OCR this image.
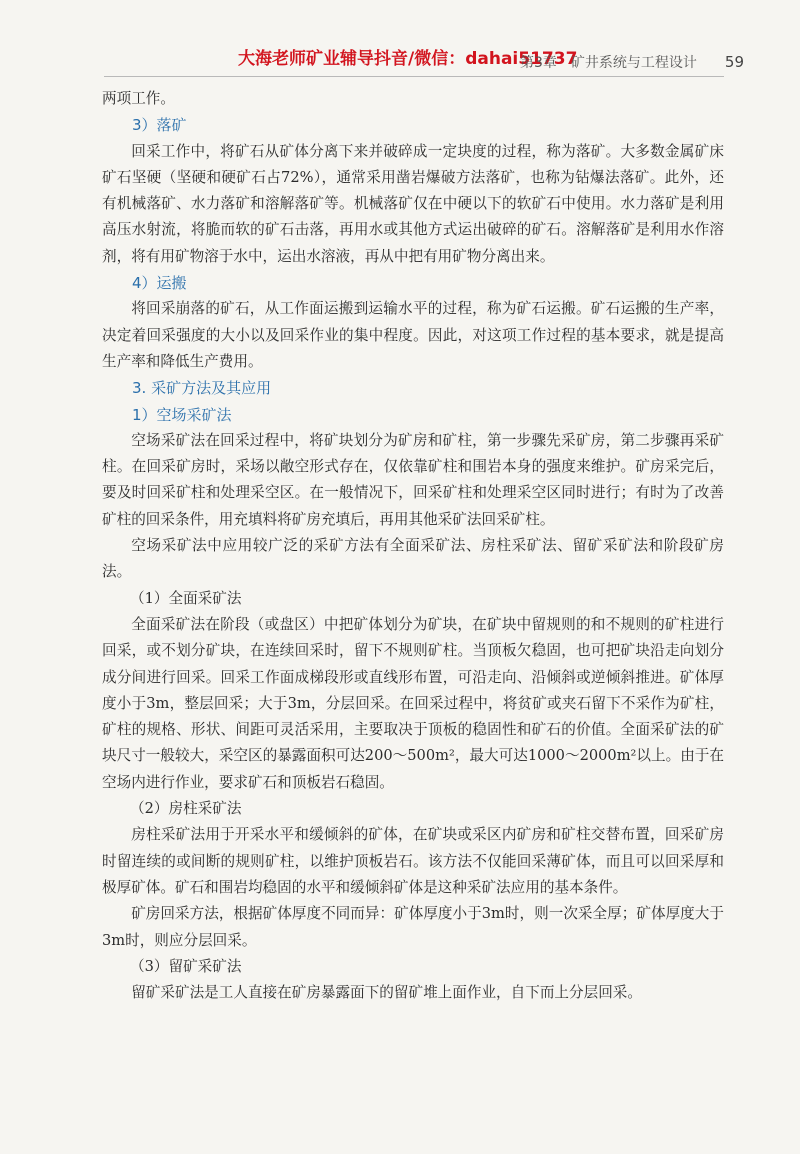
大海老师矿业辅导抖音/微信：dahai51737
第3章　矿井系统与工程设计 59

两项工作。

3）落矿

回采工作中，将矿石从矿体分离下来并破碎成一定块度的过程，称为落矿。大多数金属矿床矿石坚硬（坚硬和硬矿石占72%），通常采用凿岩爆破方法落矿，也称为钻爆法落矿。此外，还有机械落矿、水力落矿和溶解落矿等。机械落矿仅在中硬以下的软矿石中使用。水力落矿是利用高压水射流，将脆而软的矿石击落，再用水或其他方式运出破碎的矿石。溶解落矿是利用水作溶剂，将有用矿物溶于水中，运出水溶液，再从中把有用矿物分离出来。

4）运搬

将回采崩落的矿石，从工作面运搬到运输水平的过程，称为矿石运搬。矿石运搬的生产率，决定着回采强度的大小以及回采作业的集中程度。因此，对这项工作过程的基本要求，就是提高生产率和降低生产费用。

3. 采矿方法及其应用

1）空场采矿法

空场采矿法在回采过程中，将矿块划分为矿房和矿柱，第一步骤先采矿房，第二步骤再采矿柱。在回采矿房时，采场以敞空形式存在，仅依靠矿柱和围岩本身的强度来维护。矿房采完后，要及时回采矿柱和处理采空区。在一般情况下，回采矿柱和处理采空区同时进行；有时为了改善矿柱的回采条件，用充填料将矿房充填后，再用其他采矿法回采矿柱。

空场采矿法中应用较广泛的采矿方法有全面采矿法、房柱采矿法、留矿采矿法和阶段矿房法。

（1）全面采矿法

全面采矿法在阶段（或盘区）中把矿体划分为矿块，在矿块中留规则的和不规则的矿柱进行回采，或不划分矿块，在连续回采时，留下不规则矿柱。当顶板欠稳固，也可把矿块沿走向划分成分间进行回采。回采工作面成梯段形或直线形布置，可沿走向、沿倾斜或逆倾斜推进。矿体厚度小于3m，整层回采；大于3m，分层回采。在回采过程中，将贫矿或夹石留下不采作为矿柱，矿柱的规格、形状、间距可灵活采用，主要取决于顶板的稳固性和矿石的价值。全面采矿法的矿块尺寸一般较大，采空区的暴露面积可达200～500m²，最大可达1000～2000m²以上。由于在空场内进行作业，要求矿石和顶板岩石稳固。

（2）房柱采矿法

房柱采矿法用于开采水平和缓倾斜的矿体，在矿块或采区内矿房和矿柱交替布置，回采矿房时留连续的或间断的规则矿柱，以维护顶板岩石。该方法不仅能回采薄矿体，而且可以回采厚和极厚矿体。矿石和围岩均稳固的水平和缓倾斜矿体是这种采矿法应用的基本条件。

矿房回采方法，根据矿体厚度不同而异：矿体厚度小于3m时，则一次采全厚；矿体厚度大于3m时，则应分层回采。

（3）留矿采矿法

留矿采矿法是工人直接在矿房暴露面下的留矿堆上面作业，自下而上分层回采。
